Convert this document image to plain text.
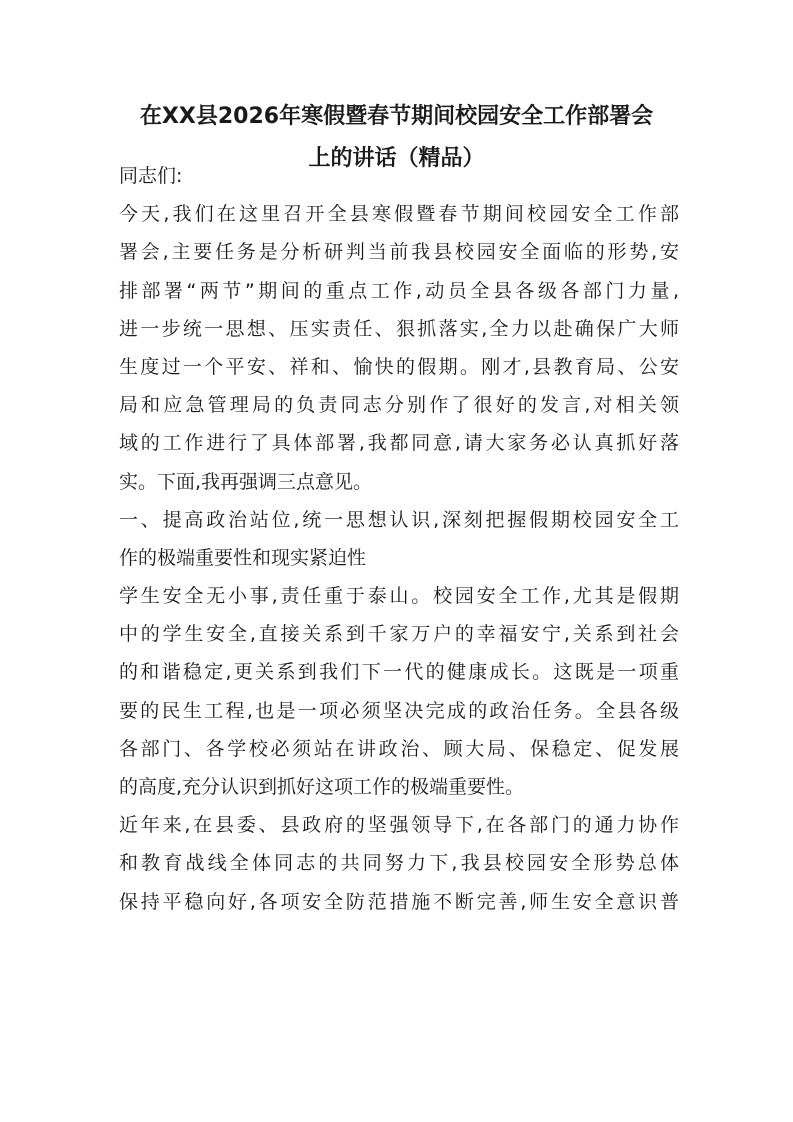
在XX县2026年寒假暨春节期间校园安全工作部署会
上的讲话（精品）

同志们:

今天,我们在这里召开全县寒假暨春节期间校园安全工作部

署会,主要任务是分析研判当前我县校园安全面临的形势,安

排部署“两节”期间的重点工作,动员全县各级各部门力量,

进一步统一思想、压实责任、狠抓落实,全力以赴确保广大师

生度过一个平安、祥和、愉快的假期。刚才,县教育局、公安

局和应急管理局的负责同志分别作了很好的发言,对相关领

域的工作进行了具体部署,我都同意,请大家务必认真抓好落

实。下面,我再强调三点意见。

一、提高政治站位,统一思想认识,深刻把握假期校园安全工

作的极端重要性和现实紧迫性

学生安全无小事,责任重于泰山。校园安全工作,尤其是假期

中的学生安全,直接关系到千家万户的幸福安宁,关系到社会

的和谐稳定,更关系到我们下一代的健康成长。这既是一项重

要的民生工程,也是一项必须坚决完成的政治任务。全县各级

各部门、各学校必须站在讲政治、顾大局、保稳定、促发展

的高度,充分认识到抓好这项工作的极端重要性。

近年来,在县委、县政府的坚强领导下,在各部门的通力协作

和教育战线全体同志的共同努力下,我县校园安全形势总体

保持平稳向好,各项安全防范措施不断完善,师生安全意识普
